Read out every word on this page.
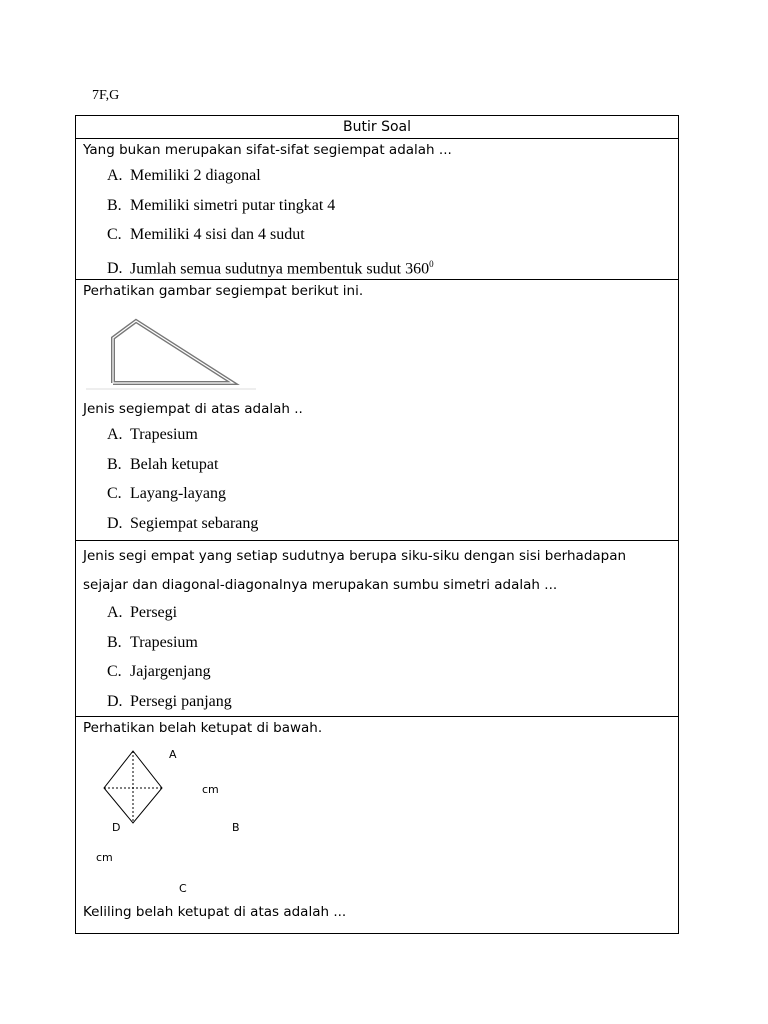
7F,G
Butir Soal

Yang bukan merupakan sifat-sifat segiempat adalah ...
A. Memiliki 2 diagonal
B. Memiliki simetri putar tingkat 4
C. Memiliki 4 sisi dan 4 sudut
D. Jumlah semua sudutnya membentuk sudut $360^0$

Perhatikan gambar segiempat berikut ini.
Jenis segiempat di atas adalah ..
A. Trapesium
B. Belah ketupat
C. Layang-layang
D. Segiempat sebarang

Jenis segi empat yang setiap sudutnya berupa siku-siku dengan sisi berhadapan
sejajar dan diagonal-diagonalnya merupakan sumbu simetri adalah ...
A. Persegi
B. Trapesium
C. Jajargenjang
D. Persegi panjang

Perhatikan belah ketupat di bawah.
A
cm
D	B
cm
C
Keliling belah ketupat di atas adalah ...
